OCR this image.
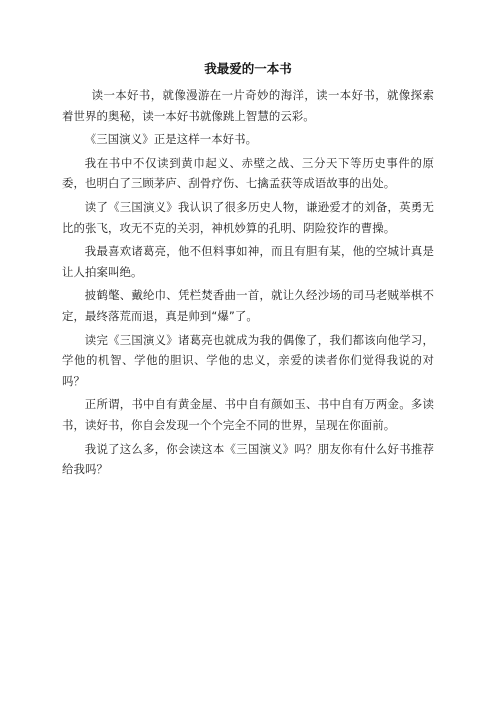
我最爱的一本书

读一本好书，就像漫游在一片奇妙的海洋，读一本好书，就像探索着世界的奥秘，读一本好书就像跳上智慧的云彩。

《三国演义》正是这样一本好书。

我在书中不仅读到黄巾起义、赤壁之战、三分天下等历史事件的原委，也明白了三顾茅庐、刮骨疗伤、七擒孟获等成语故事的出处。

读了《三国演义》我认识了很多历史人物，谦逊爱才的刘备，英勇无比的张飞，攻无不克的关羽，神机妙算的孔明、阴险狡诈的曹操。

我最喜欢诸葛亮，他不但料事如神，而且有胆有某，他的空城计真是让人拍案叫绝。

披鹤氅、戴纶巾、凭栏焚香曲一首，就让久经沙场的司马老贼举棋不定，最终落荒而退，真是帅到“爆”了。

读完《三国演义》诸葛亮也就成为我的偶像了，我们都该向他学习，学他的机智、学他的胆识、学他的忠义，亲爱的读者你们觉得我说的对吗？

正所谓，书中自有黄金屋、书中自有颜如玉、书中自有万两金。多读书，读好书，你自会发现一个个完全不同的世界，呈现在你面前。

我说了这么多，你会读这本《三国演义》吗？朋友你有什么好书推荐给我吗？
